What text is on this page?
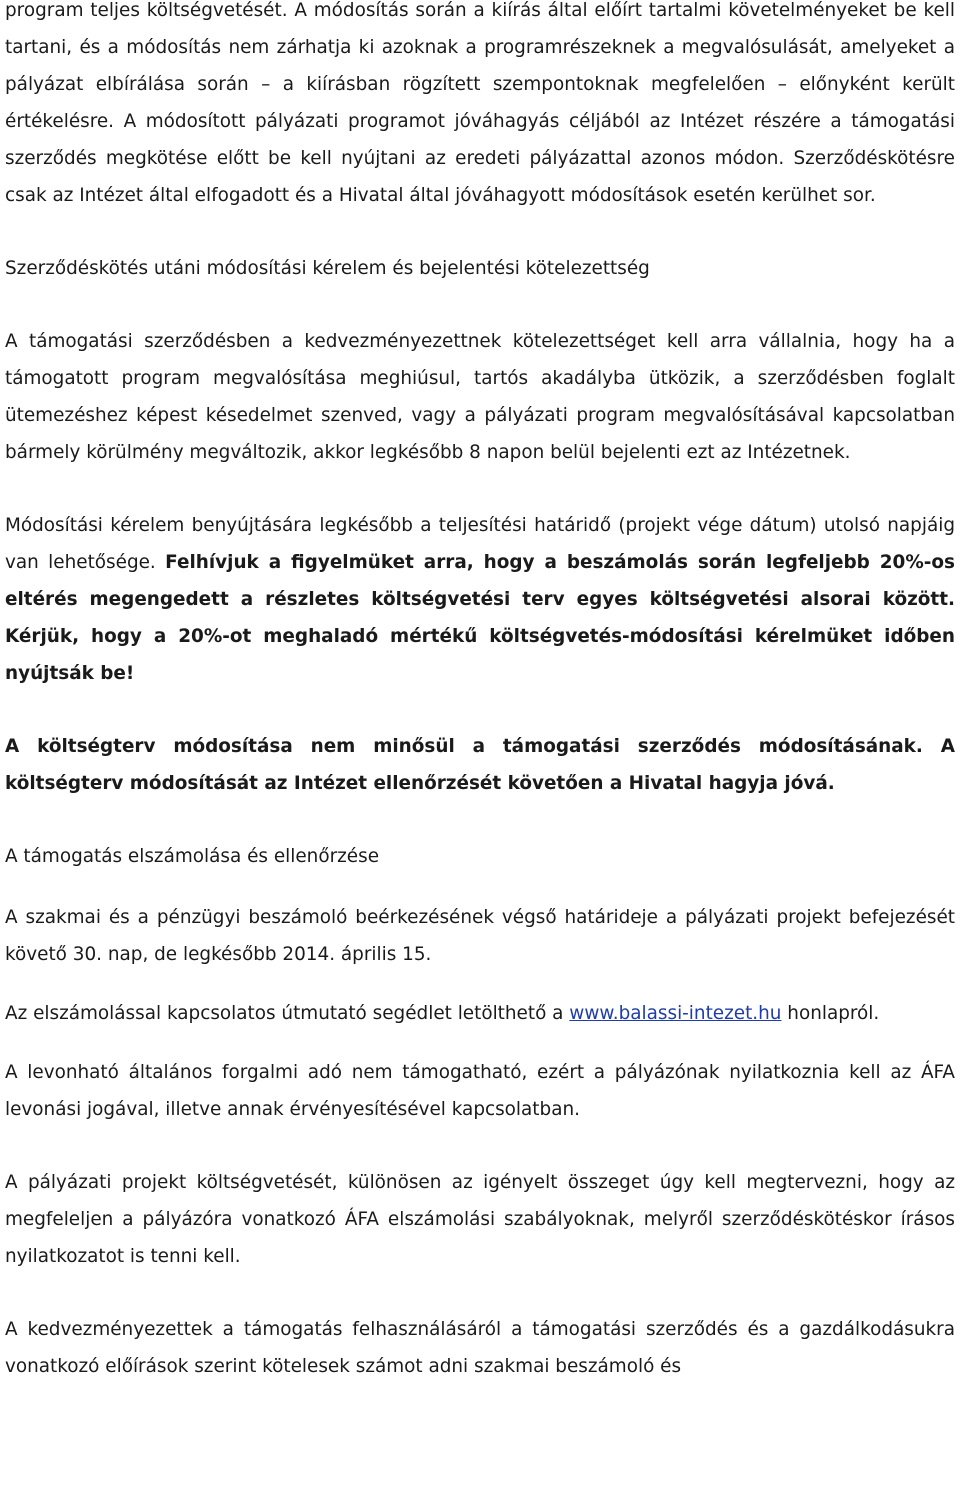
program teljes költségvetését. A módosítás során a kiírás által előírt tartalmi követelményeket be kell tartani, és a módosítás nem zárhatja ki azoknak a programrészeknek a megvalósulását, amelyeket a pályázat elbírálása során – a kiírásban rögzített szempontoknak megfelelően – előnyként került értékelésre. A módosított pályázati programot jóváhagyás céljából az Intézet részére a támogatási szerződés megkötése előtt be kell nyújtani az eredeti pályázattal azonos módon. Szerződéskötésre csak az Intézet által elfogadott és a Hivatal által jóváhagyott módosítások esetén kerülhet sor.

Szerződéskötés utáni módosítási kérelem és bejelentési kötelezettség

A támogatási szerződésben a kedvezményezettnek kötelezettséget kell arra vállalnia, hogy ha a támogatott program megvalósítása meghiúsul, tartós akadályba ütközik, a szerződésben foglalt ütemezéshez képest késedelmet szenved, vagy a pályázati program megvalósításával kapcsolatban bármely körülmény megváltozik, akkor legkésőbb 8 napon belül bejelenti ezt az Intézetnek.

Módosítási kérelem benyújtására legkésőbb a teljesítési határidő (projekt vége dátum) utolsó napjáig van lehetősége. Felhívjuk a figyelmüket arra, hogy a beszámolás során legfeljebb 20%-os eltérés megengedett a részletes költségvetési terv egyes költségvetési alsorai között. Kérjük, hogy a 20%-ot meghaladó mértékű költségvetés-módosítási kérelmüket időben nyújtsák be!

A költségterv módosítása nem minősül a támogatási szerződés módosításának. A költségterv módosítását az Intézet ellenőrzését követően a Hivatal hagyja jóvá.

A támogatás elszámolása és ellenőrzése

A szakmai és a pénzügyi beszámoló beérkezésének végső határideje a pályázati projekt befejezését követő 30. nap, de legkésőbb 2014. április 15.

Az elszámolással kapcsolatos útmutató segédlet letölthető a www.balassi-intezet.hu honlapról.

A levonható általános forgalmi adó nem támogatható, ezért a pályázónak nyilatkoznia kell az ÁFA levonási jogával, illetve annak érvényesítésével kapcsolatban.

A pályázati projekt költségvetését, különösen az igényelt összeget úgy kell megtervezni, hogy az megfeleljen a pályázóra vonatkozó ÁFA elszámolási szabályoknak, melyről szerződéskötéskor írásos nyilatkozatot is tenni kell.

A kedvezményezettek a támogatás felhasználásáról a támogatási szerződés és a gazdálkodásukra vonatkozó előírások szerint kötelesek számot adni szakmai beszámoló és
